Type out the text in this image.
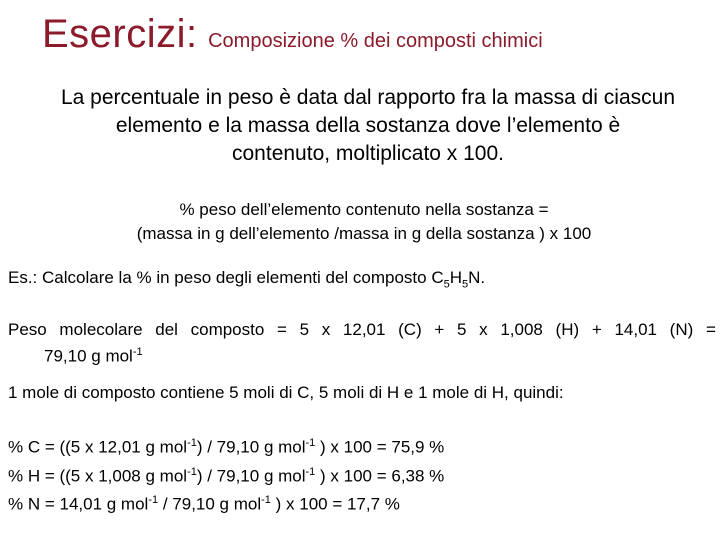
Esercizi: Composizione % dei composti chimici
La percentuale in peso è data dal rapporto fra la massa di ciascun
elemento e la massa della sostanza dove l’elemento è
contenuto, moltiplicato x 100.
% peso dell’elemento contenuto nella sostanza =
(massa in g dell’elemento /massa in g della sostanza ) x 100
Es.: Calcolare la % in peso degli elementi del composto $C_5H_5N$.
Peso molecolare del composto = 5 x 12,01 (C) + 5 x 1,008 (H) + 14,01 (N) =
79,10 g mol$^{-1}$
1 mole di composto contiene 5 moli di C, 5 moli di H e 1 mole di H, quindi:
% C = ((5 x 12,01 g mol$^{-1}$) / 79,10 g mol$^{-1}$ ) x 100 = 75,9 %
% H = ((5 x 1,008 g mol$^{-1}$) / 79,10 g mol$^{-1}$ ) x 100 = 6,38 %
% N = 14,01 g mol$^{-1}$ / 79,10 g mol$^{-1}$ ) x 100 = 17,7 %
